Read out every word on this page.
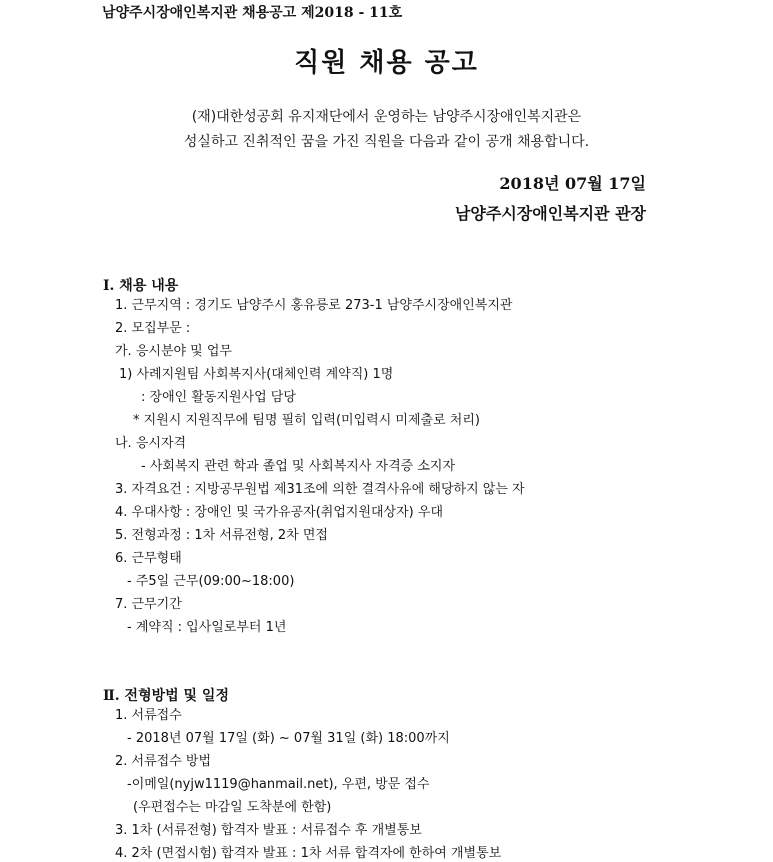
남양주시장애인복지관 채용공고 제2018 - 11호
직원 채용 공고
(재)대한성공회 유지재단에서 운영하는 남양주시장애인복지관은
성실하고 진취적인 꿈을 가진 직원을 다음과 같이 공개 채용합니다.
2018년 07월 17일
남양주시장애인복지관 관장
Ⅰ. 채용 내용
1. 근무지역 : 경기도 남양주시 홍유릉로 273-1 남양주시장애인복지관
2. 모집부문 :
가. 응시분야 및 업무
1) 사례지원팀 사회복지사(대체인력 계약직) 1명
: 장애인 활동지원사업 담당
* 지원시 지원직무에 팀명 필히 입력(미입력시 미제출로 처리)
나. 응시자격
- 사회복지 관련 학과 졸업 및 사회복지사 자격증 소지자
3. 자격요건 : 지방공무원법 제31조에 의한 결격사유에 해당하지 않는 자
4. 우대사항 : 장애인 및 국가유공자(취업지원대상자) 우대
5. 전형과정 : 1차 서류전형, 2차 면접
6. 근무형태
- 주5일 근무(09:00~18:00)
7. 근무기간
- 계약직 : 입사일로부터 1년
Ⅱ. 전형방법 및 일정
1. 서류접수
- 2018년 07월 17일 (화) ~ 07월 31일 (화) 18:00까지
2. 서류접수 방법
-이메일(nyjw1119@hanmail.net), 우편, 방문 접수
(우편접수는 마감일 도착분에 한함)
3. 1차 (서류전형) 합격자 발표 : 서류접수 후 개별통보
4. 2차 (면접시험) 합격자 발표 : 1차 서류 합격자에 한하여 개별통보
